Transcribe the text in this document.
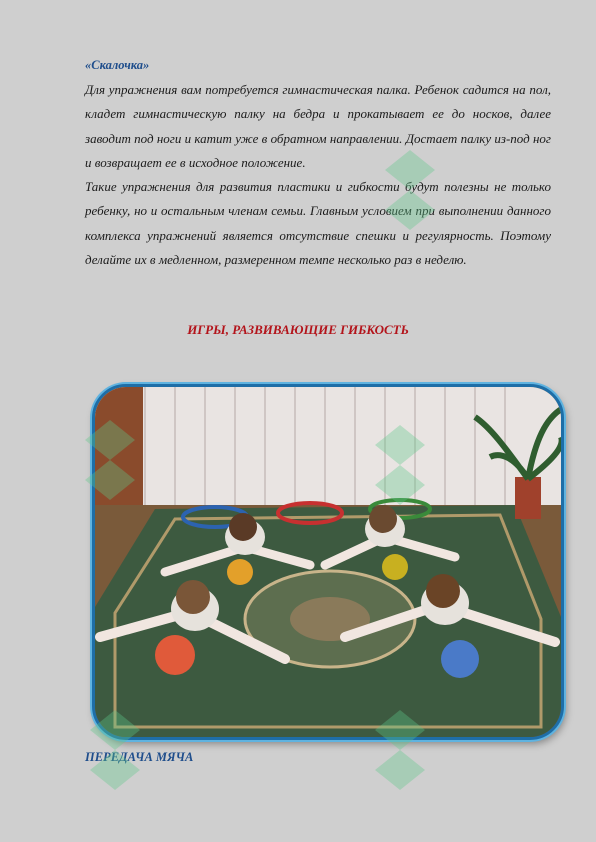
«Скалочка»

Для упражнения вам потребуется гимнастическая палка. Ребенок садится на пол, кладет гимнастическую палку на бедра и прокатывает ее до носков, далее заводит под ноги и катит уже в обратном направлении. Достает палку из-под ног и возвращает ее в исходное положение.

Такие упражнения для развития пластики и гибкости будут полезны не только ребенку, но и остальным членам семьи. Главным условием при выполнении данного комплекса упражнений является отсутствие спешки и регулярность. Поэтому делайте их в медленном, размеренном темпе несколько раз в неделю.

ИГРЫ, РАЗВИВАЮЩИЕ ГИБКОСТЬ
ПЕРЕДАЧА МЯЧА
